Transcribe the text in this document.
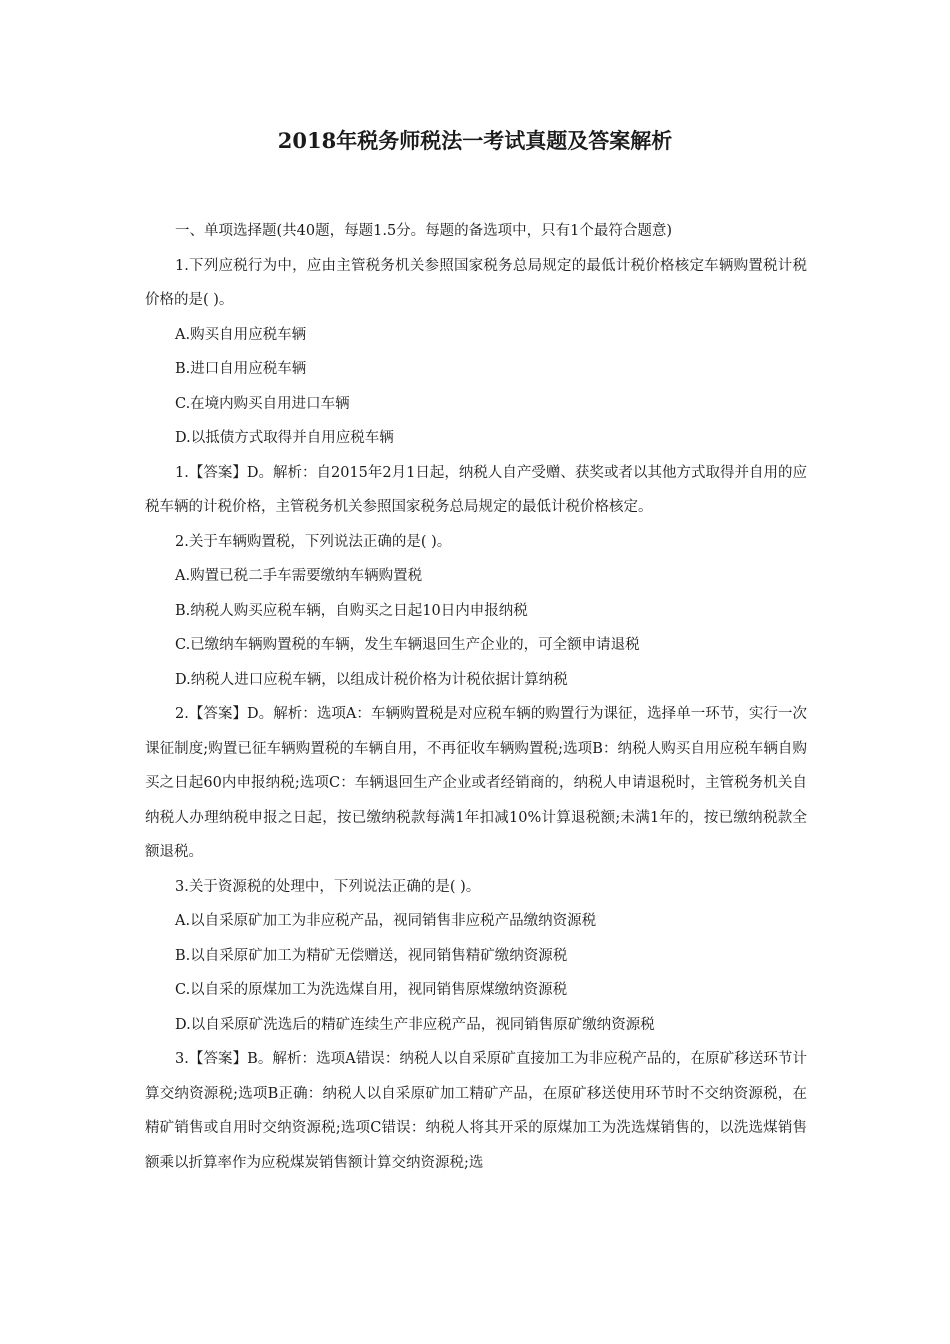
2018年税务师税法一考试真题及答案解析

一、单项选择题(共40题，每题1.5分。每题的备选项中，只有1个最符合题意)

1.下列应税行为中，应由主管税务机关参照国家税务总局规定的最低计税价格核定车辆购置税计税价格的是( )。

A.购买自用应税车辆

B.进口自用应税车辆

C.在境内购买自用进口车辆

D.以抵债方式取得并自用应税车辆

1.【答案】D。解析：自2015年2月1日起，纳税人自产受赠、获奖或者以其他方式取得并自用的应税车辆的计税价格，主管税务机关参照国家税务总局规定的最低计税价格核定。

2.关于车辆购置税，下列说法正确的是( )。

A.购置已税二手车需要缴纳车辆购置税

B.纳税人购买应税车辆，自购买之日起10日内申报纳税

C.已缴纳车辆购置税的车辆，发生车辆退回生产企业的，可全额申请退税

D.纳税人进口应税车辆，以组成计税价格为计税依据计算纳税

2.【答案】D。解析：选项A：车辆购置税是对应税车辆的购置行为课征，选择单一环节，实行一次课征制度;购置已征车辆购置税的车辆自用，不再征收车辆购置税;选项B：纳税人购买自用应税车辆自购买之日起60内申报纳税;选项C：车辆退回生产企业或者经销商的，纳税人申请退税时，主管税务机关自纳税人办理纳税申报之日起，按已缴纳税款每满1年扣减10%计算退税额;未满1年的，按已缴纳税款全额退税。

3.关于资源税的处理中，下列说法正确的是( )。

A.以自采原矿加工为非应税产品，视同销售非应税产品缴纳资源税

B.以自采原矿加工为精矿无偿赠送，视同销售精矿缴纳资源税

C.以自采的原煤加工为洗选煤自用，视同销售原煤缴纳资源税

D.以自采原矿洗选后的精矿连续生产非应税产品，视同销售原矿缴纳资源税

3.【答案】B。解析：选项A错误：纳税人以自采原矿直接加工为非应税产品的，在原矿移送环节计算交纳资源税;选项B正确：纳税人以自采原矿加工精矿产品，在原矿移送使用环节时不交纳资源税，在精矿销售或自用时交纳资源税;选项C错误：纳税人将其开采的原煤加工为洗选煤销售的，以洗选煤销售额乘以折算率作为应税煤炭销售额计算交纳资源税;选
